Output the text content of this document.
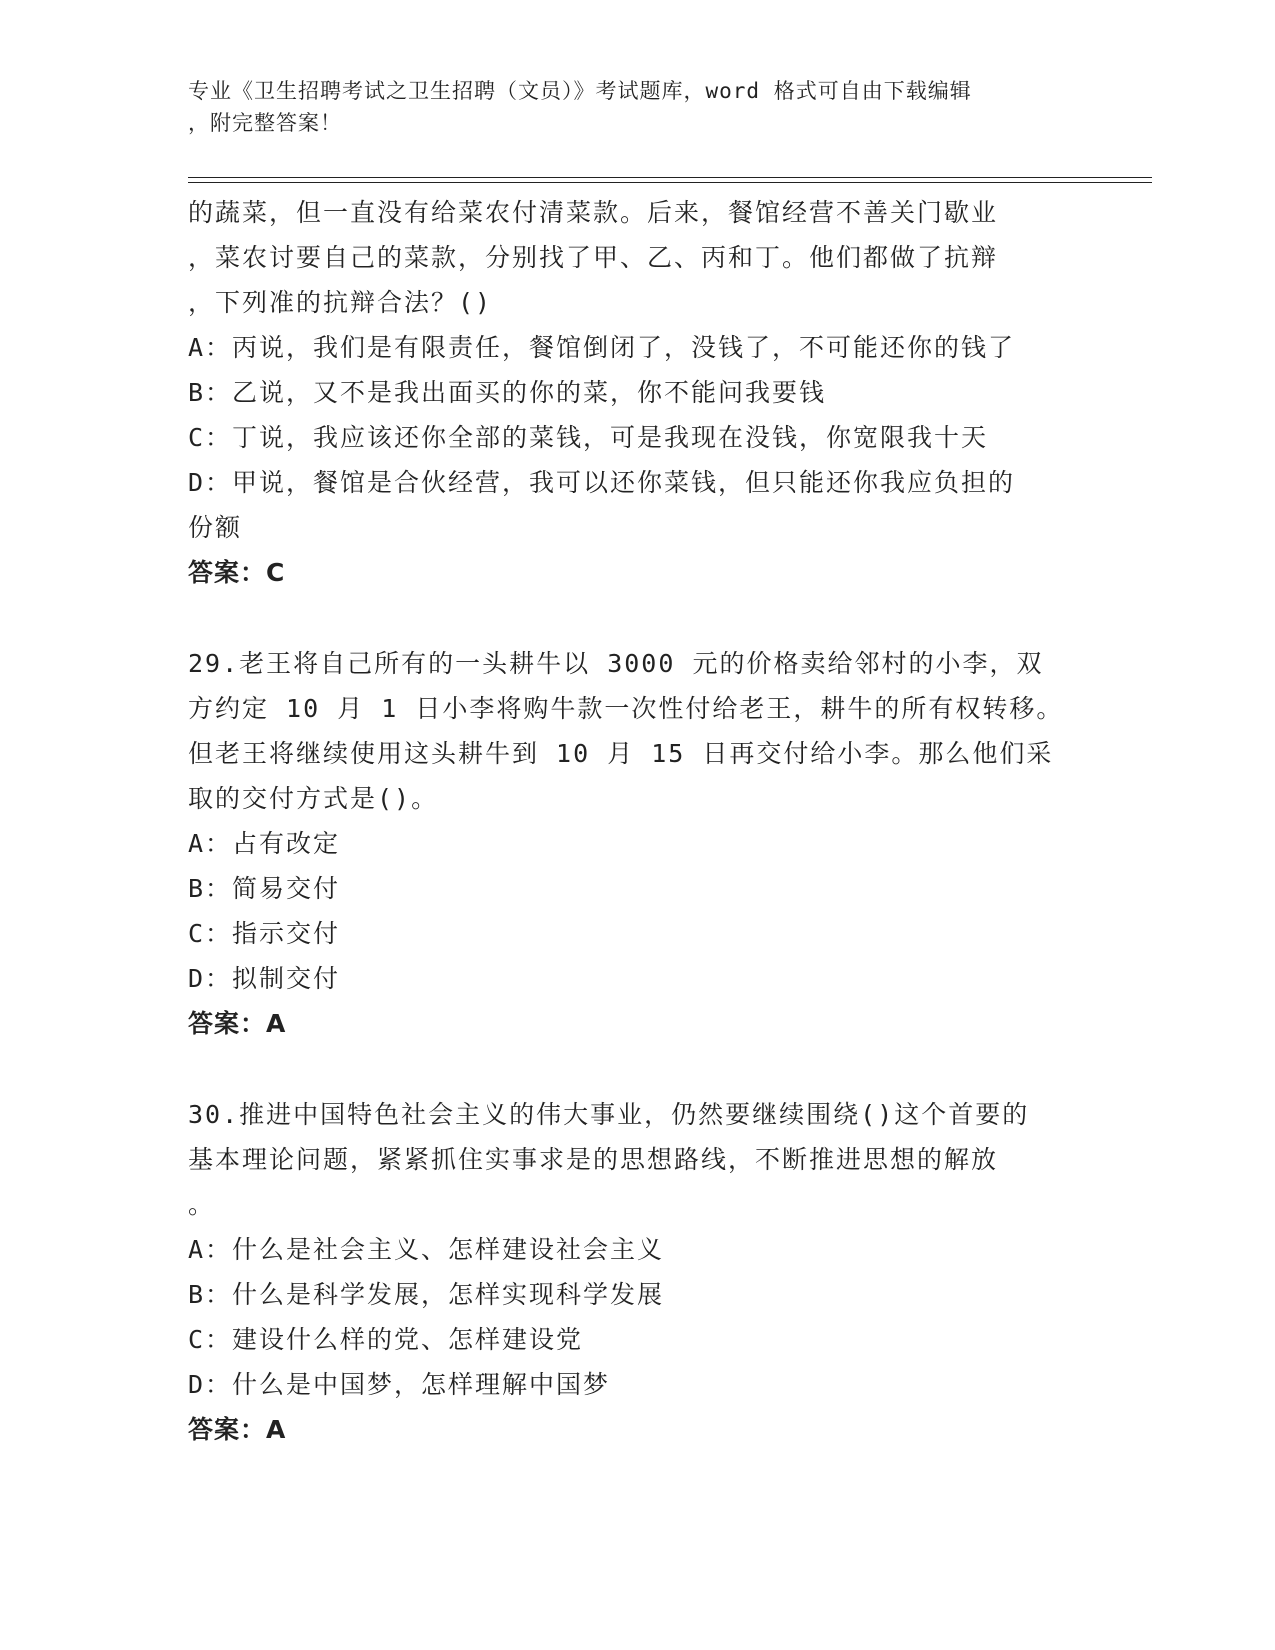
专业《卫生招聘考试之卫生招聘（文员）》考试题库，word 格式可自由下载编辑
，附完整答案！
的蔬菜，但一直没有给菜农付清菜款。后来，餐馆经营不善关门歇业
，菜农讨要自己的菜款，分别找了甲、乙、丙和丁。他们都做了抗辩
，下列准的抗辩合法？()
A：丙说，我们是有限责任，餐馆倒闭了，没钱了，不可能还你的钱了
B：乙说，又不是我出面买的你的菜，你不能问我要钱
C：丁说，我应该还你全部的菜钱，可是我现在没钱，你宽限我十天
D：甲说，餐馆是合伙经营，我可以还你菜钱，但只能还你我应负担的
份额
答案：C
29.老王将自己所有的一头耕牛以 3000 元的价格卖给邻村的小李，双
方约定 10 月 1 日小李将购牛款一次性付给老王，耕牛的所有权转移。
但老王将继续使用这头耕牛到 10 月 15 日再交付给小李。那么他们采
取的交付方式是()。
A：占有改定
B：简易交付
C：指示交付
D：拟制交付
答案：A
30.推进中国特色社会主义的伟大事业，仍然要继续围绕()这个首要的
基本理论问题，紧紧抓住实事求是的思想路线，不断推进思想的解放
。
A：什么是社会主义、怎样建设社会主义
B：什么是科学发展，怎样实现科学发展
C：建设什么样的党、怎样建设党
D：什么是中国梦，怎样理解中国梦
答案：A
